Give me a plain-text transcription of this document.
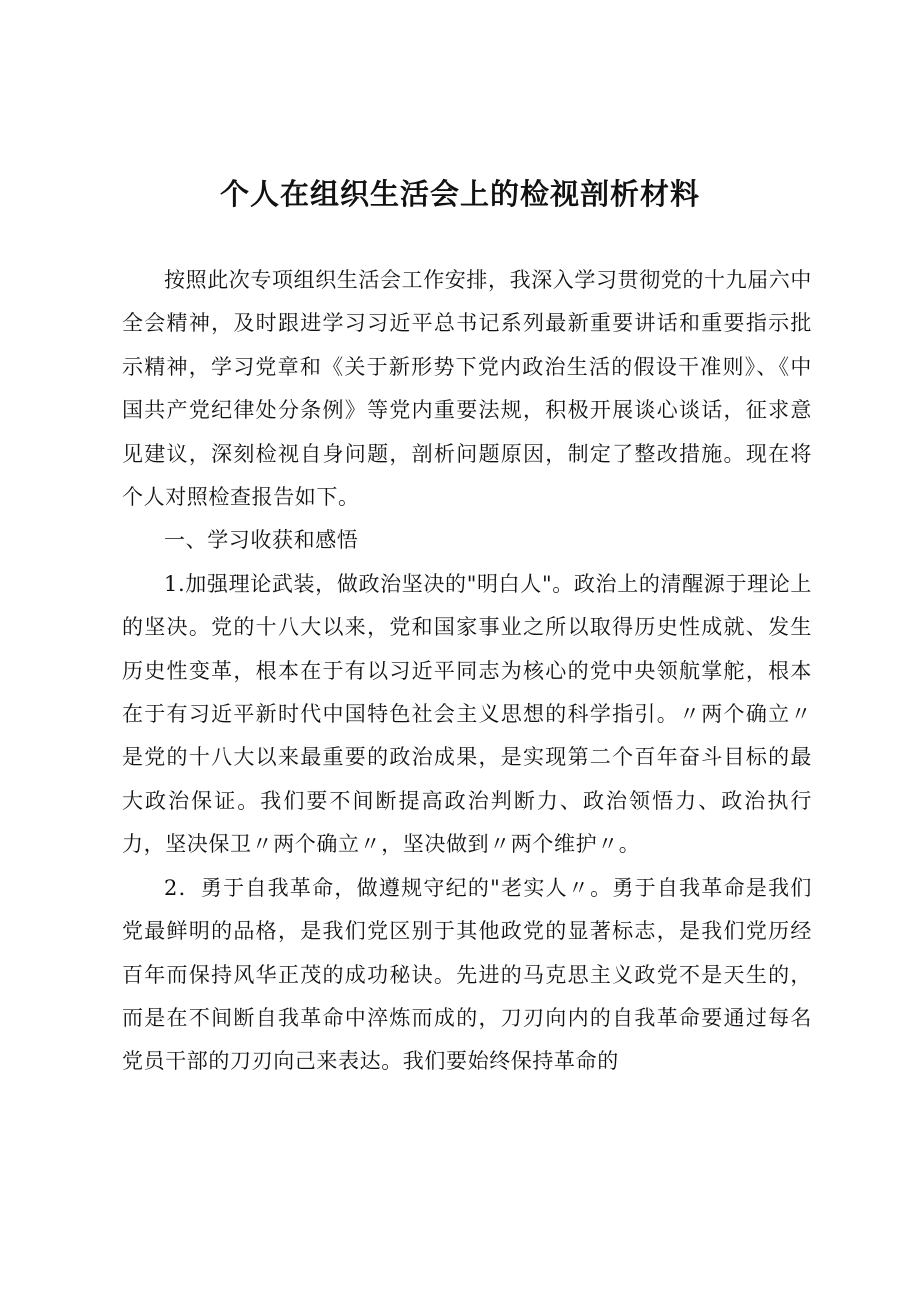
个人在组织生活会上的检视剖析材料

按照此次专项组织生活会工作安排，我深入学习贯彻党的十九届六中全会精神，及时跟进学习习近平总书记系列最新重要讲话和重要指示批示精神，学习党章和《关于新形势下党内政治生活的假设干准则》、《中国共产党纪律处分条例》等党内重要法规，积极开展谈心谈话，征求意见建议，深刻检视自身问题，剖析问题原因，制定了整改措施。现在将个人对照检查报告如下。

一、学习收获和感悟

1.加强理论武装，做政治坚决的"明白人"。政治上的清醒源于理论上的坚决。党的十八大以来，党和国家事业之所以取得历史性成就、发生历史性变革，根本在于有以习近平同志为核心的党中央领航掌舵，根本在于有习近平新时代中国特色社会主义思想的科学指引。〃两个确立〃是党的十八大以来最重要的政治成果，是实现第二个百年奋斗目标的最大政治保证。我们要不间断提高政治判断力、政治领悟力、政治执行力，坚决保卫〃两个确立〃，坚决做到〃两个维护〃。

2．勇于自我革命，做遵规守纪的"老实人〃。勇于自我革命是我们党最鲜明的品格，是我们党区别于其他政党的显著标志，是我们党历经百年而保持风华正茂的成功秘诀。先进的马克思主义政党不是天生的，而是在不间断自我革命中淬炼而成的，刀刃向内的自我革命要通过每名党员干部的刀刃向己来表达。我们要始终保持革命的
